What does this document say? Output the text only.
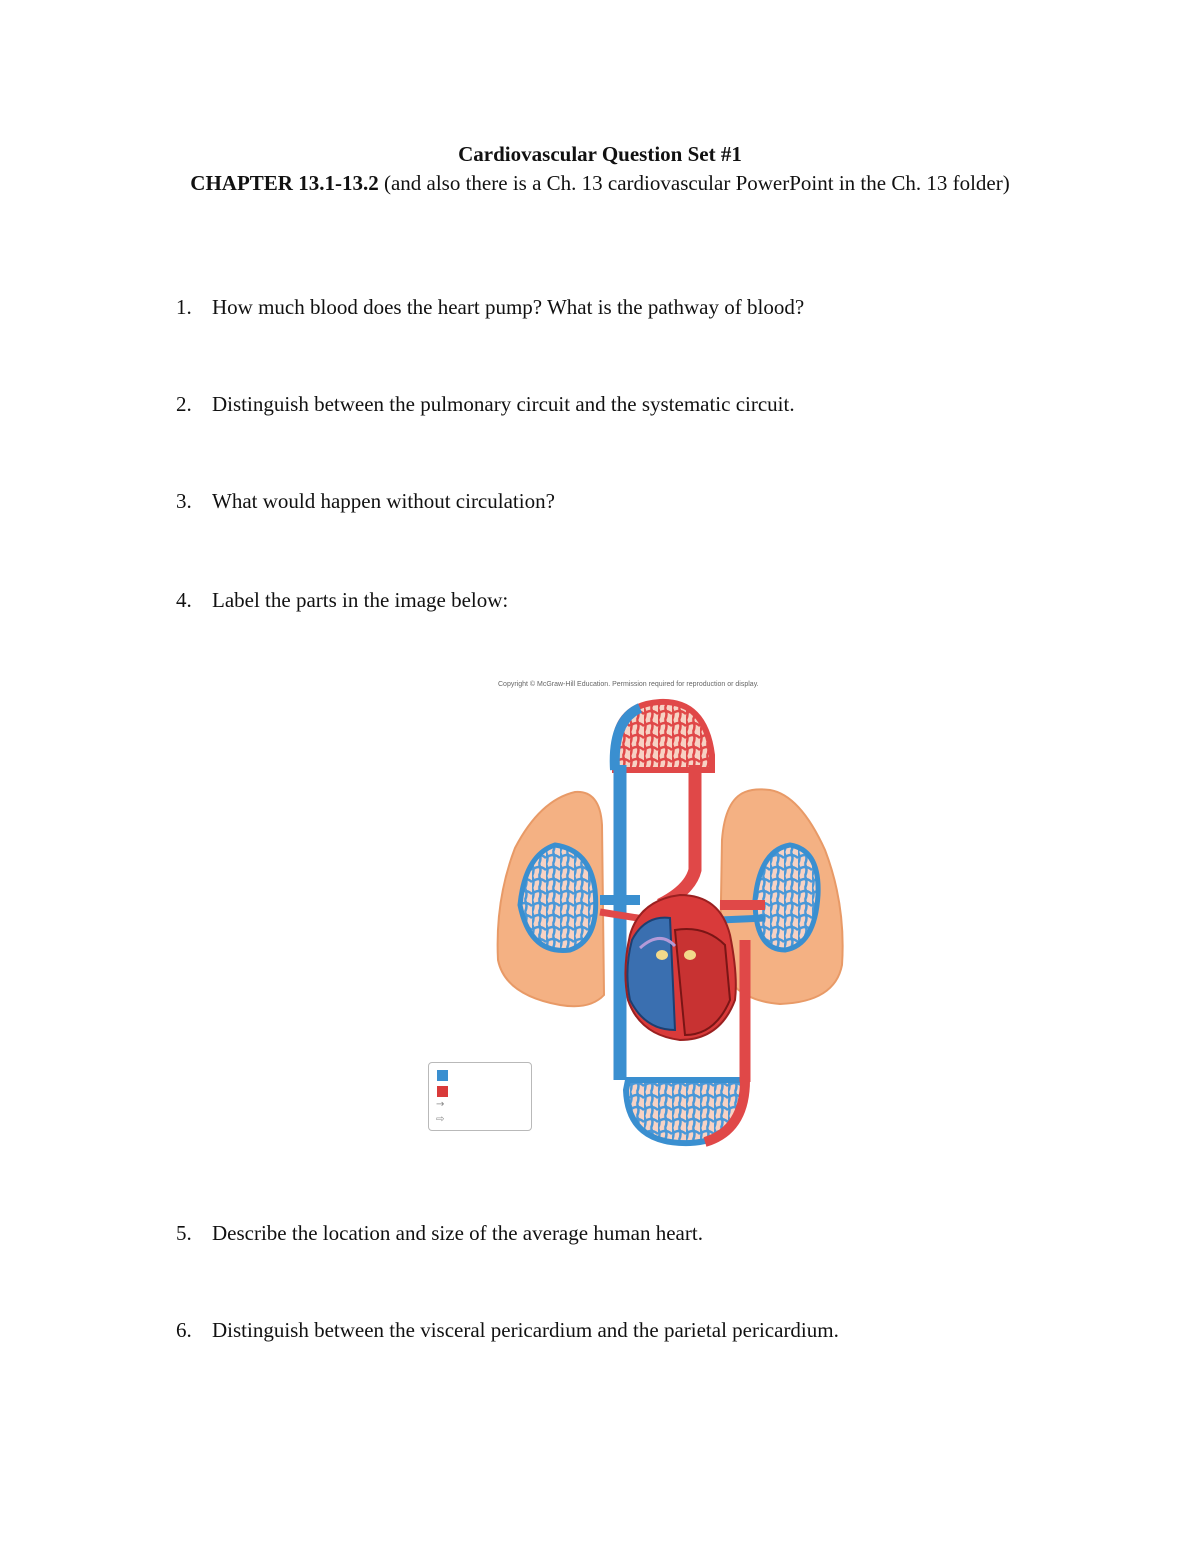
Cardiovascular Question Set #1
CHAPTER 13.1-13.2 (and also there is a Ch. 13 cardiovascular PowerPoint in the Ch. 13 folder)
1. How much blood does the heart pump? What is the pathway of blood?
2. Distinguish between the pulmonary circuit and the systematic circuit.
3. What would happen without circulation?
4. Label the parts in the image below:
Copyright © McGraw-Hill Education. Permission required for reproduction or display.
→
⇨
5. Describe the location and size of the average human heart.
6. Distinguish between the visceral pericardium and the parietal pericardium.
